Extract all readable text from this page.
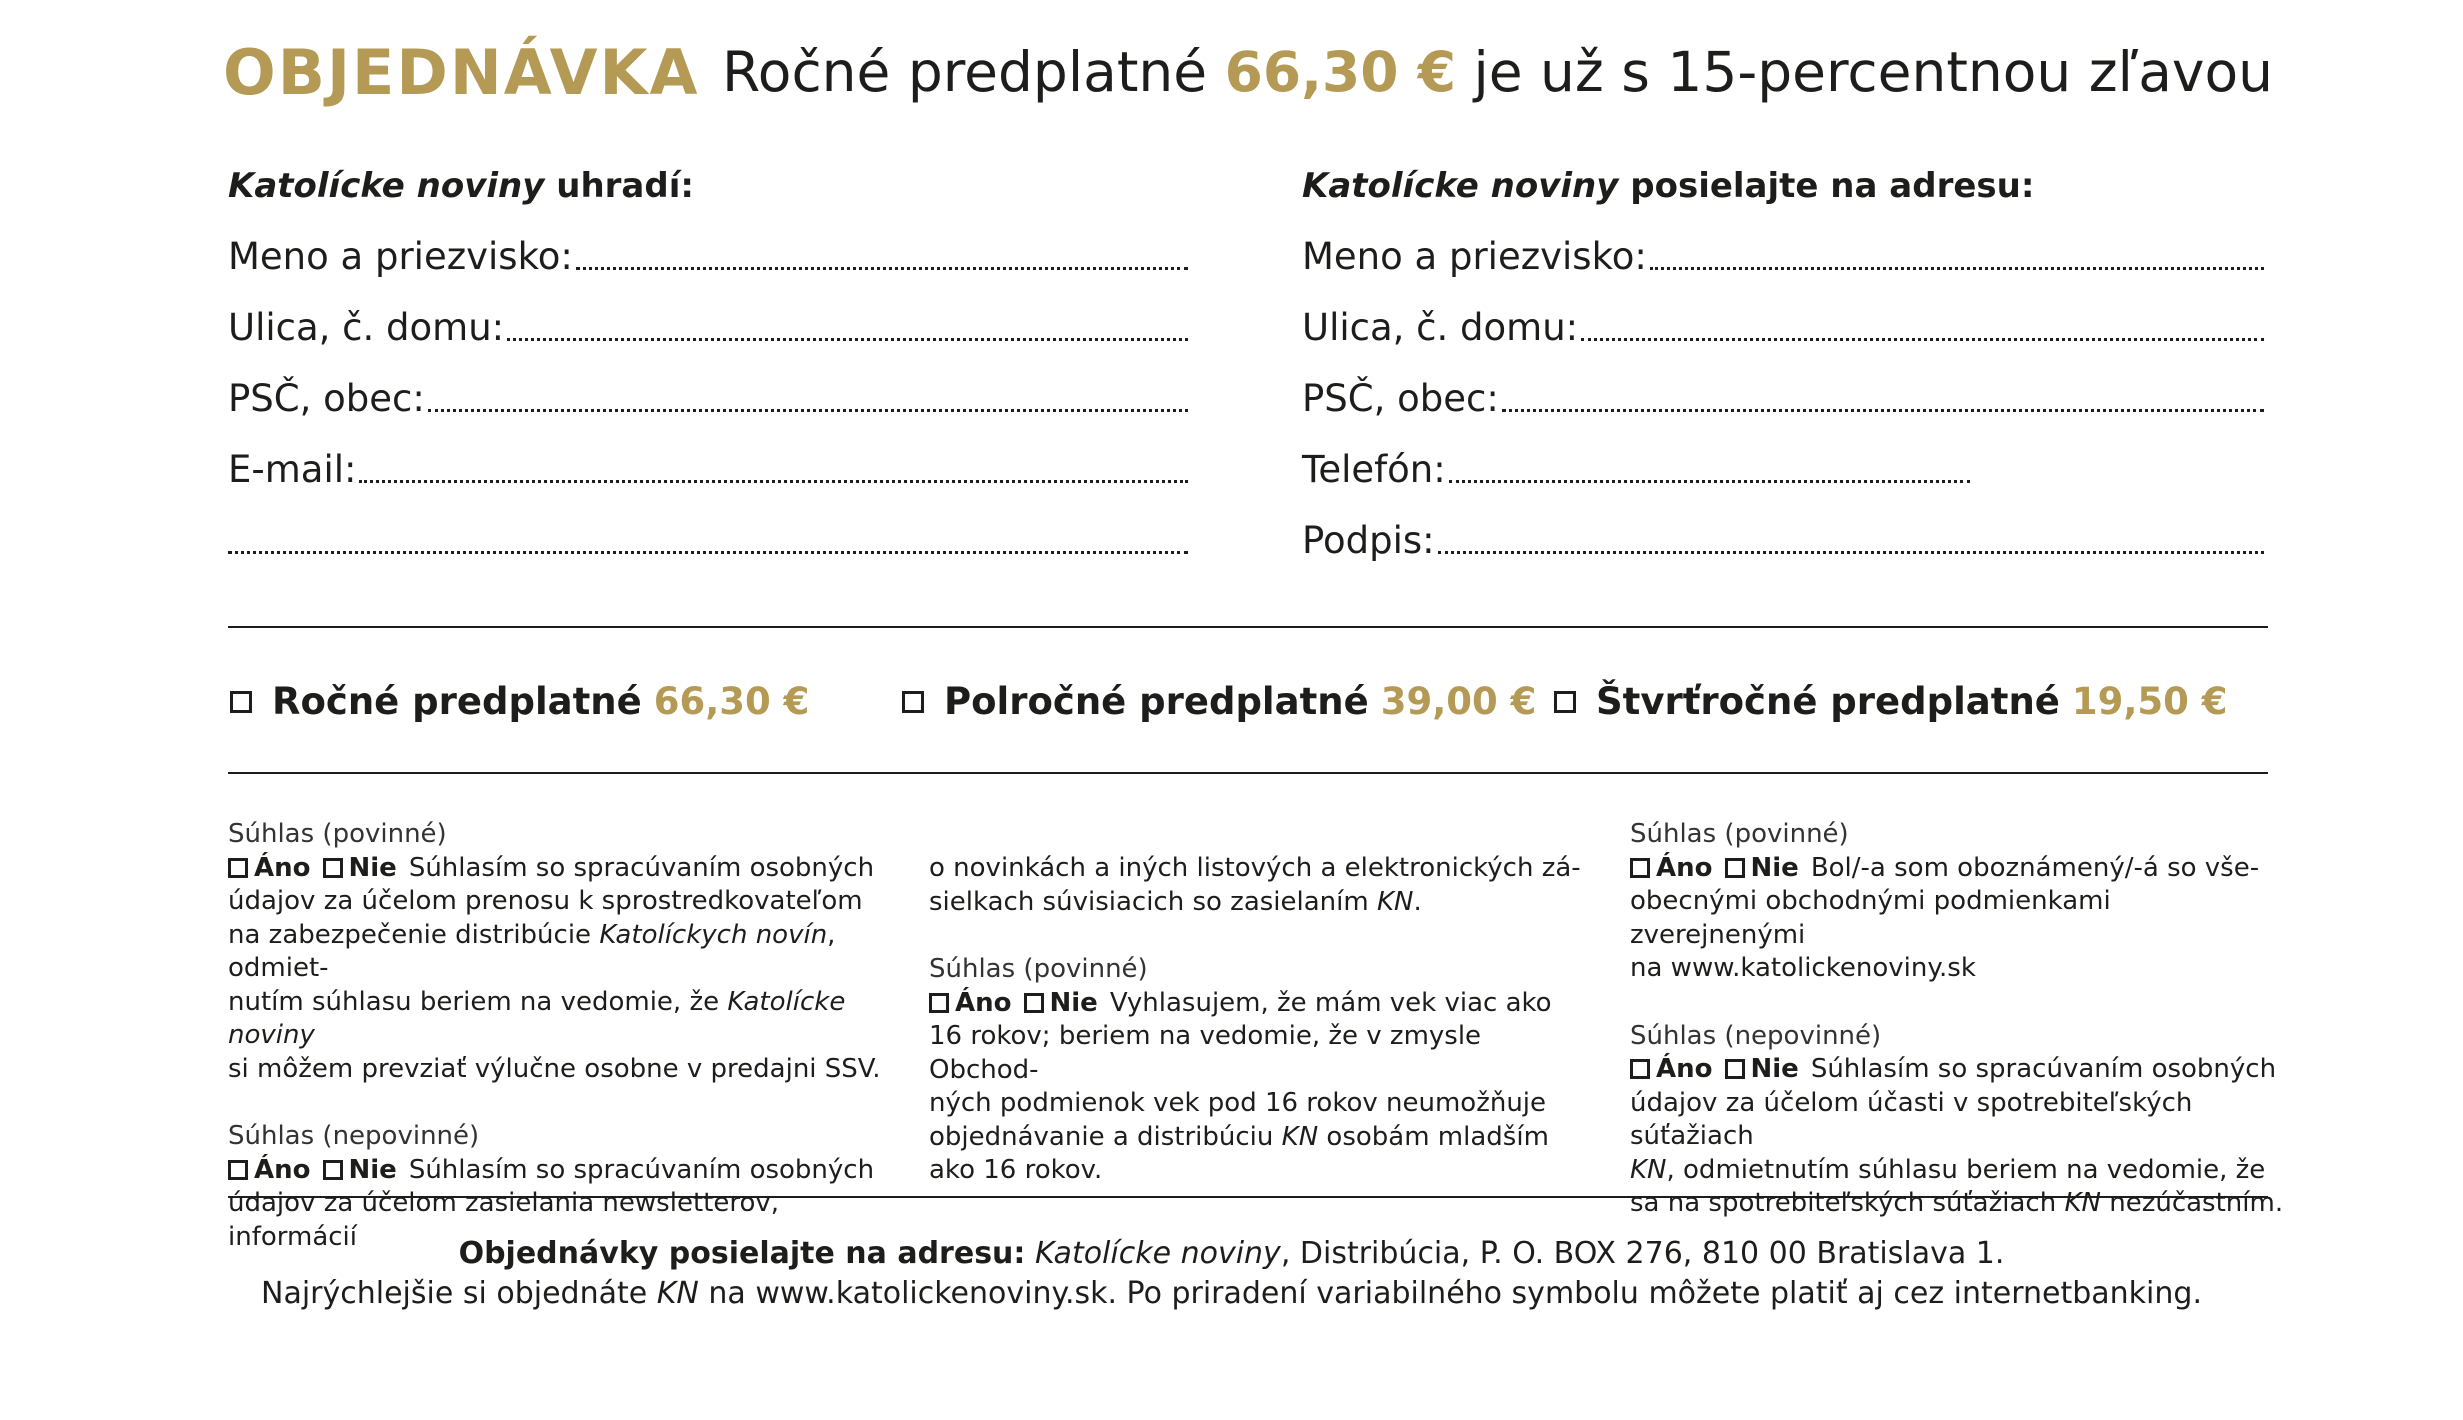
OBJEDNÁVKA Ročné predplatné 66,30 € je už s 15-percentnou zľavou
Katolícke noviny uhradí:
Meno a priezvisko:
Ulica, č. domu:
PSČ, obec:
E-mail:
Katolícke noviny posielajte na adresu:
Meno a priezvisko:
Ulica, č. domu:
PSČ, obec:
Telefón:
Podpis:
Ročné predplatné 66,30 €	Polročné predplatné 39,00 € Štvrťročné predplatné 19,50 €

Súhlas (povinné)

Áno Nie Súhlasím so spracúvaním osobných

údajov za účelom prenosu k sprostredkovateľom

na zabezpečenie distribúcie Katolíckych novín, odmiet-

nutím súhlasu beriem na vedomie, že Katolícke noviny

si môžem prevziať výlučne osobne v predajni SSV.

Súhlas (nepovinné)

Áno Nie Súhlasím so spracúvaním osobných

údajov za účelom zasielania newsletterov, informácií

o novinkách a iných listových a elektronických zá-

sielkach súvisiacich so zasielaním KN.

Súhlas (povinné)

Áno Nie Vyhlasujem, že mám vek viac ako

16 rokov; beriem na vedomie, že v zmysle Obchod-

ných podmienok vek pod 16 rokov neumožňuje

objednávanie a distribúciu KN osobám mladším

ako 16 rokov.

Súhlas (povinné)

Áno Nie Bol/-a som oboznámený/-á so vše-

obecnými obchodnými podmienkami zverejnenými

na www.katolickenoviny.sk

Súhlas (nepovinné)

Áno Nie Súhlasím so spracúvaním osobných

údajov za účelom účasti v spotrebiteľských súťažiach

KN, odmietnutím súhlasu beriem na vedomie, že

sa na spotrebiteľských súťažiach KN nezúčastním.

Objednávky posielajte na adresu: Katolícke noviny, Distribúcia, P. O. BOX 276, 810 00 Bratislava 1.
Najrýchlejšie si objednáte KN na www.katolickenoviny.sk. Po priradení variabilného symbolu môžete platiť aj cez internetbanking.
